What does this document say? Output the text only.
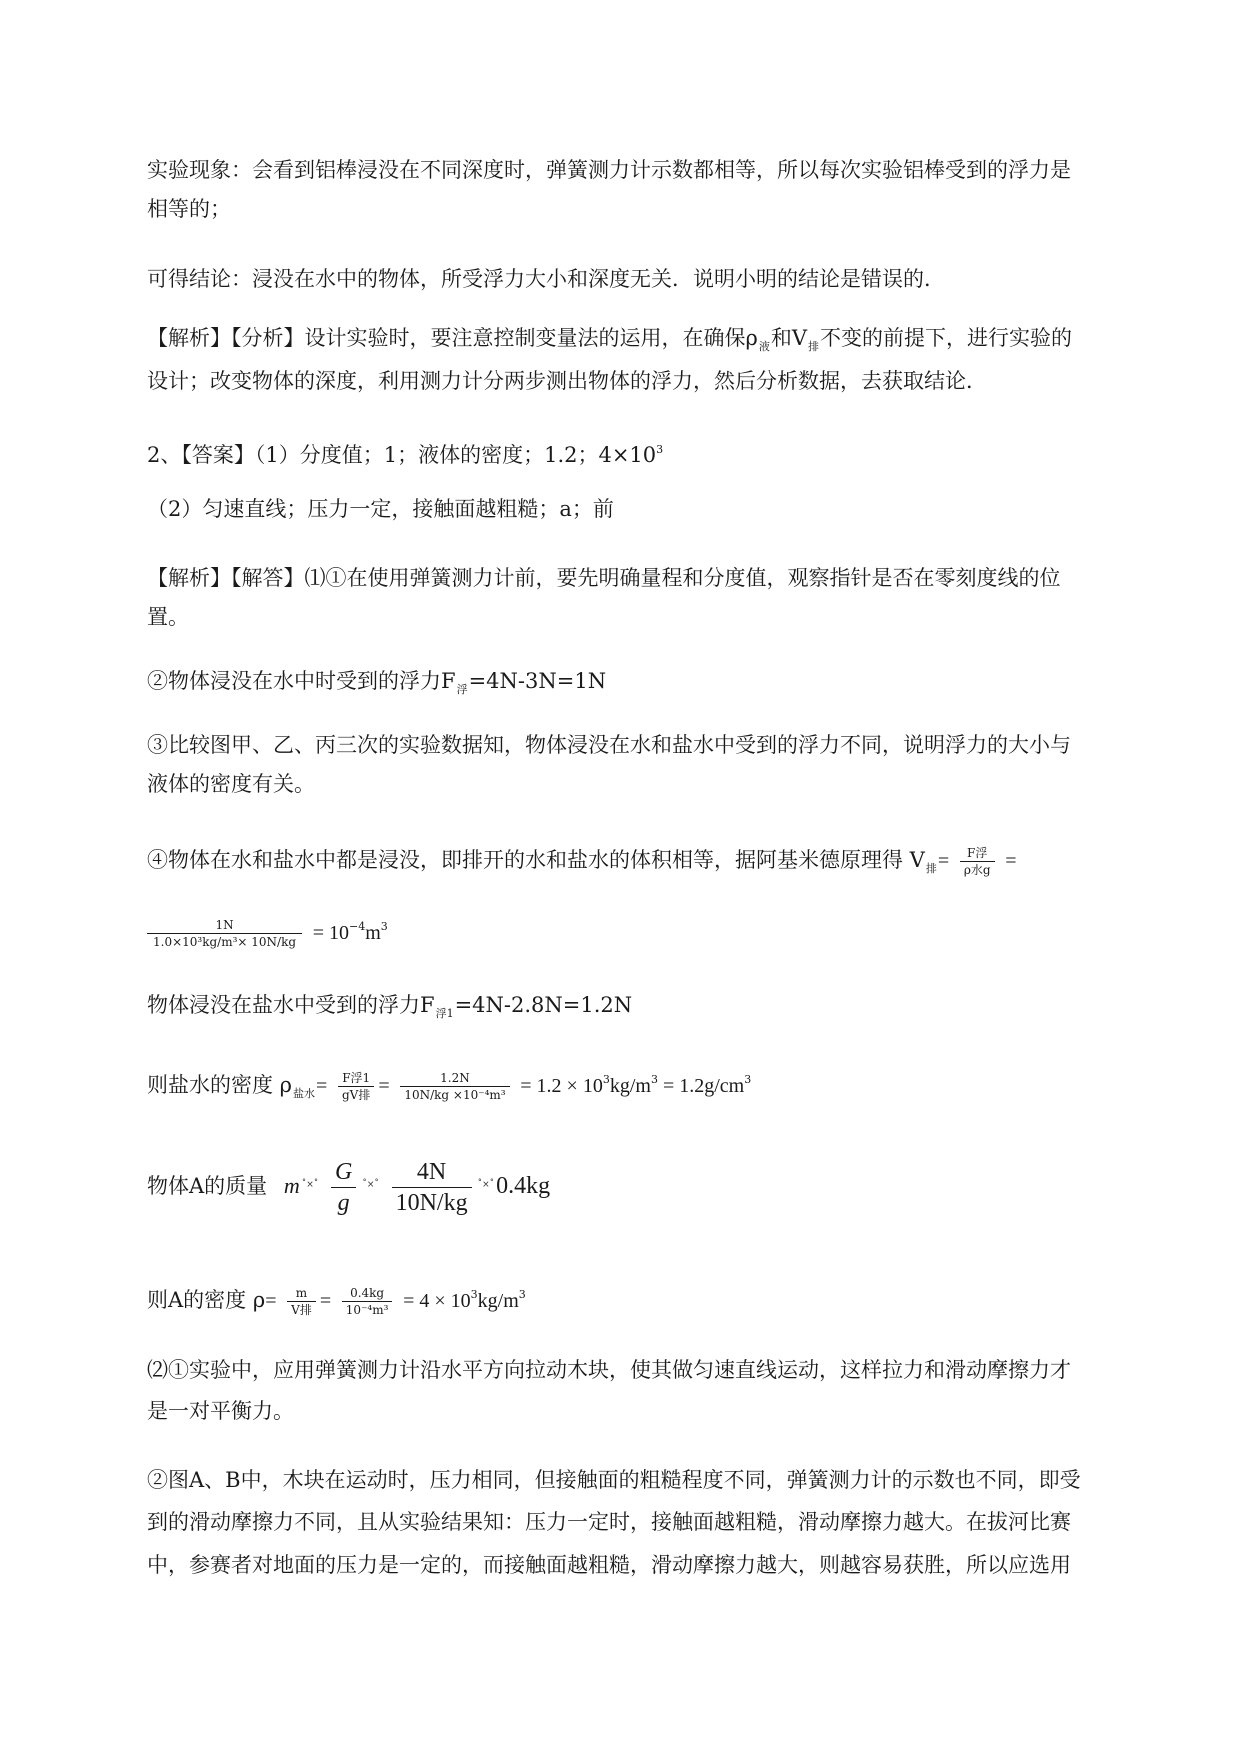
实验现象：会看到铝棒浸没在不同深度时，弹簧测力计示数都相等，所以每次实验铝棒受到的浮力是
相等的；
可得结论：浸没在水中的物体，所受浮力大小和深度无关．说明小明的结论是错误的．
【解析】【分析】设计实验时，要注意控制变量法的运用，在确保$\rho_液$和$V_排$不变的前提下，进行实验的
设计；改变物体的深度，利用测力计分两步测出物体的浮力，然后分析数据，去获取结论．
2、【答案】（1）分度值；1；液体的密度；1.2；$4\times 10^3$
（2）匀速直线；压力一定，接触面越粗糙；a；前
【解析】【解答】⑴①在使用弹簧测力计前，要先明确量程和分度值，观察指针是否在零刻度线的位
置。
②物体浸没在水中时受到的浮力$F_浮=4N-3N=1N$
③比较图甲、乙、丙三次的实验数据知，物体浸没在水和盐水中受到的浮力不同，说明浮力的大小与
液体的密度有关。
④物体在水和盐水中都是浸没，即排开的水和盐水的体积相等，据阿基米德原理得 $V_排= \frac{\text{F浮}}{\text{ρ水g}}$ =
$\frac{1N}{\text{1.0×10³kg/m³× 10N/kg}} = 10^{-4}m^3$
物体浸没在盐水中受到的浮力$F_{浮1}=4N-2.8N=1.2N$
则盐水的密度 $\rho_{盐水}= \frac{\text{F浮1}}{\text{gV排}} = \frac{1.2N}{\text{10N/kg ×10⁻⁴m³}} = 1.2 \times 10^3kg/m^3 = 1.2g/cm^3$
物体A的质量 m $^{˚\times˚} \frac{G}{g} ^{˚\times˚} \frac{4N}{10N/kg} ^{˚\times˚}0.4kg$
则A的密度 $\rho= \frac{m}{\text{V排}} = \frac{0.4kg}{\text{10⁻⁴m³}} = 4 \times 10^3kg/m^3$
⑵①实验中，应用弹簧测力计沿水平方向拉动木块，使其做匀速直线运动，这样拉力和滑动摩擦力才
是一对平衡力。
②图A、B中，木块在运动时，压力相同，但接触面的粗糙程度不同，弹簧测力计的示数也不同，即受
到的滑动摩擦力不同，且从实验结果知：压力一定时，接触面越粗糙，滑动摩擦力越大。在拔河比赛
中，参赛者对地面的压力是一定的，而接触面越粗糙，滑动摩擦力越大，则越容易获胜，所以应选用
